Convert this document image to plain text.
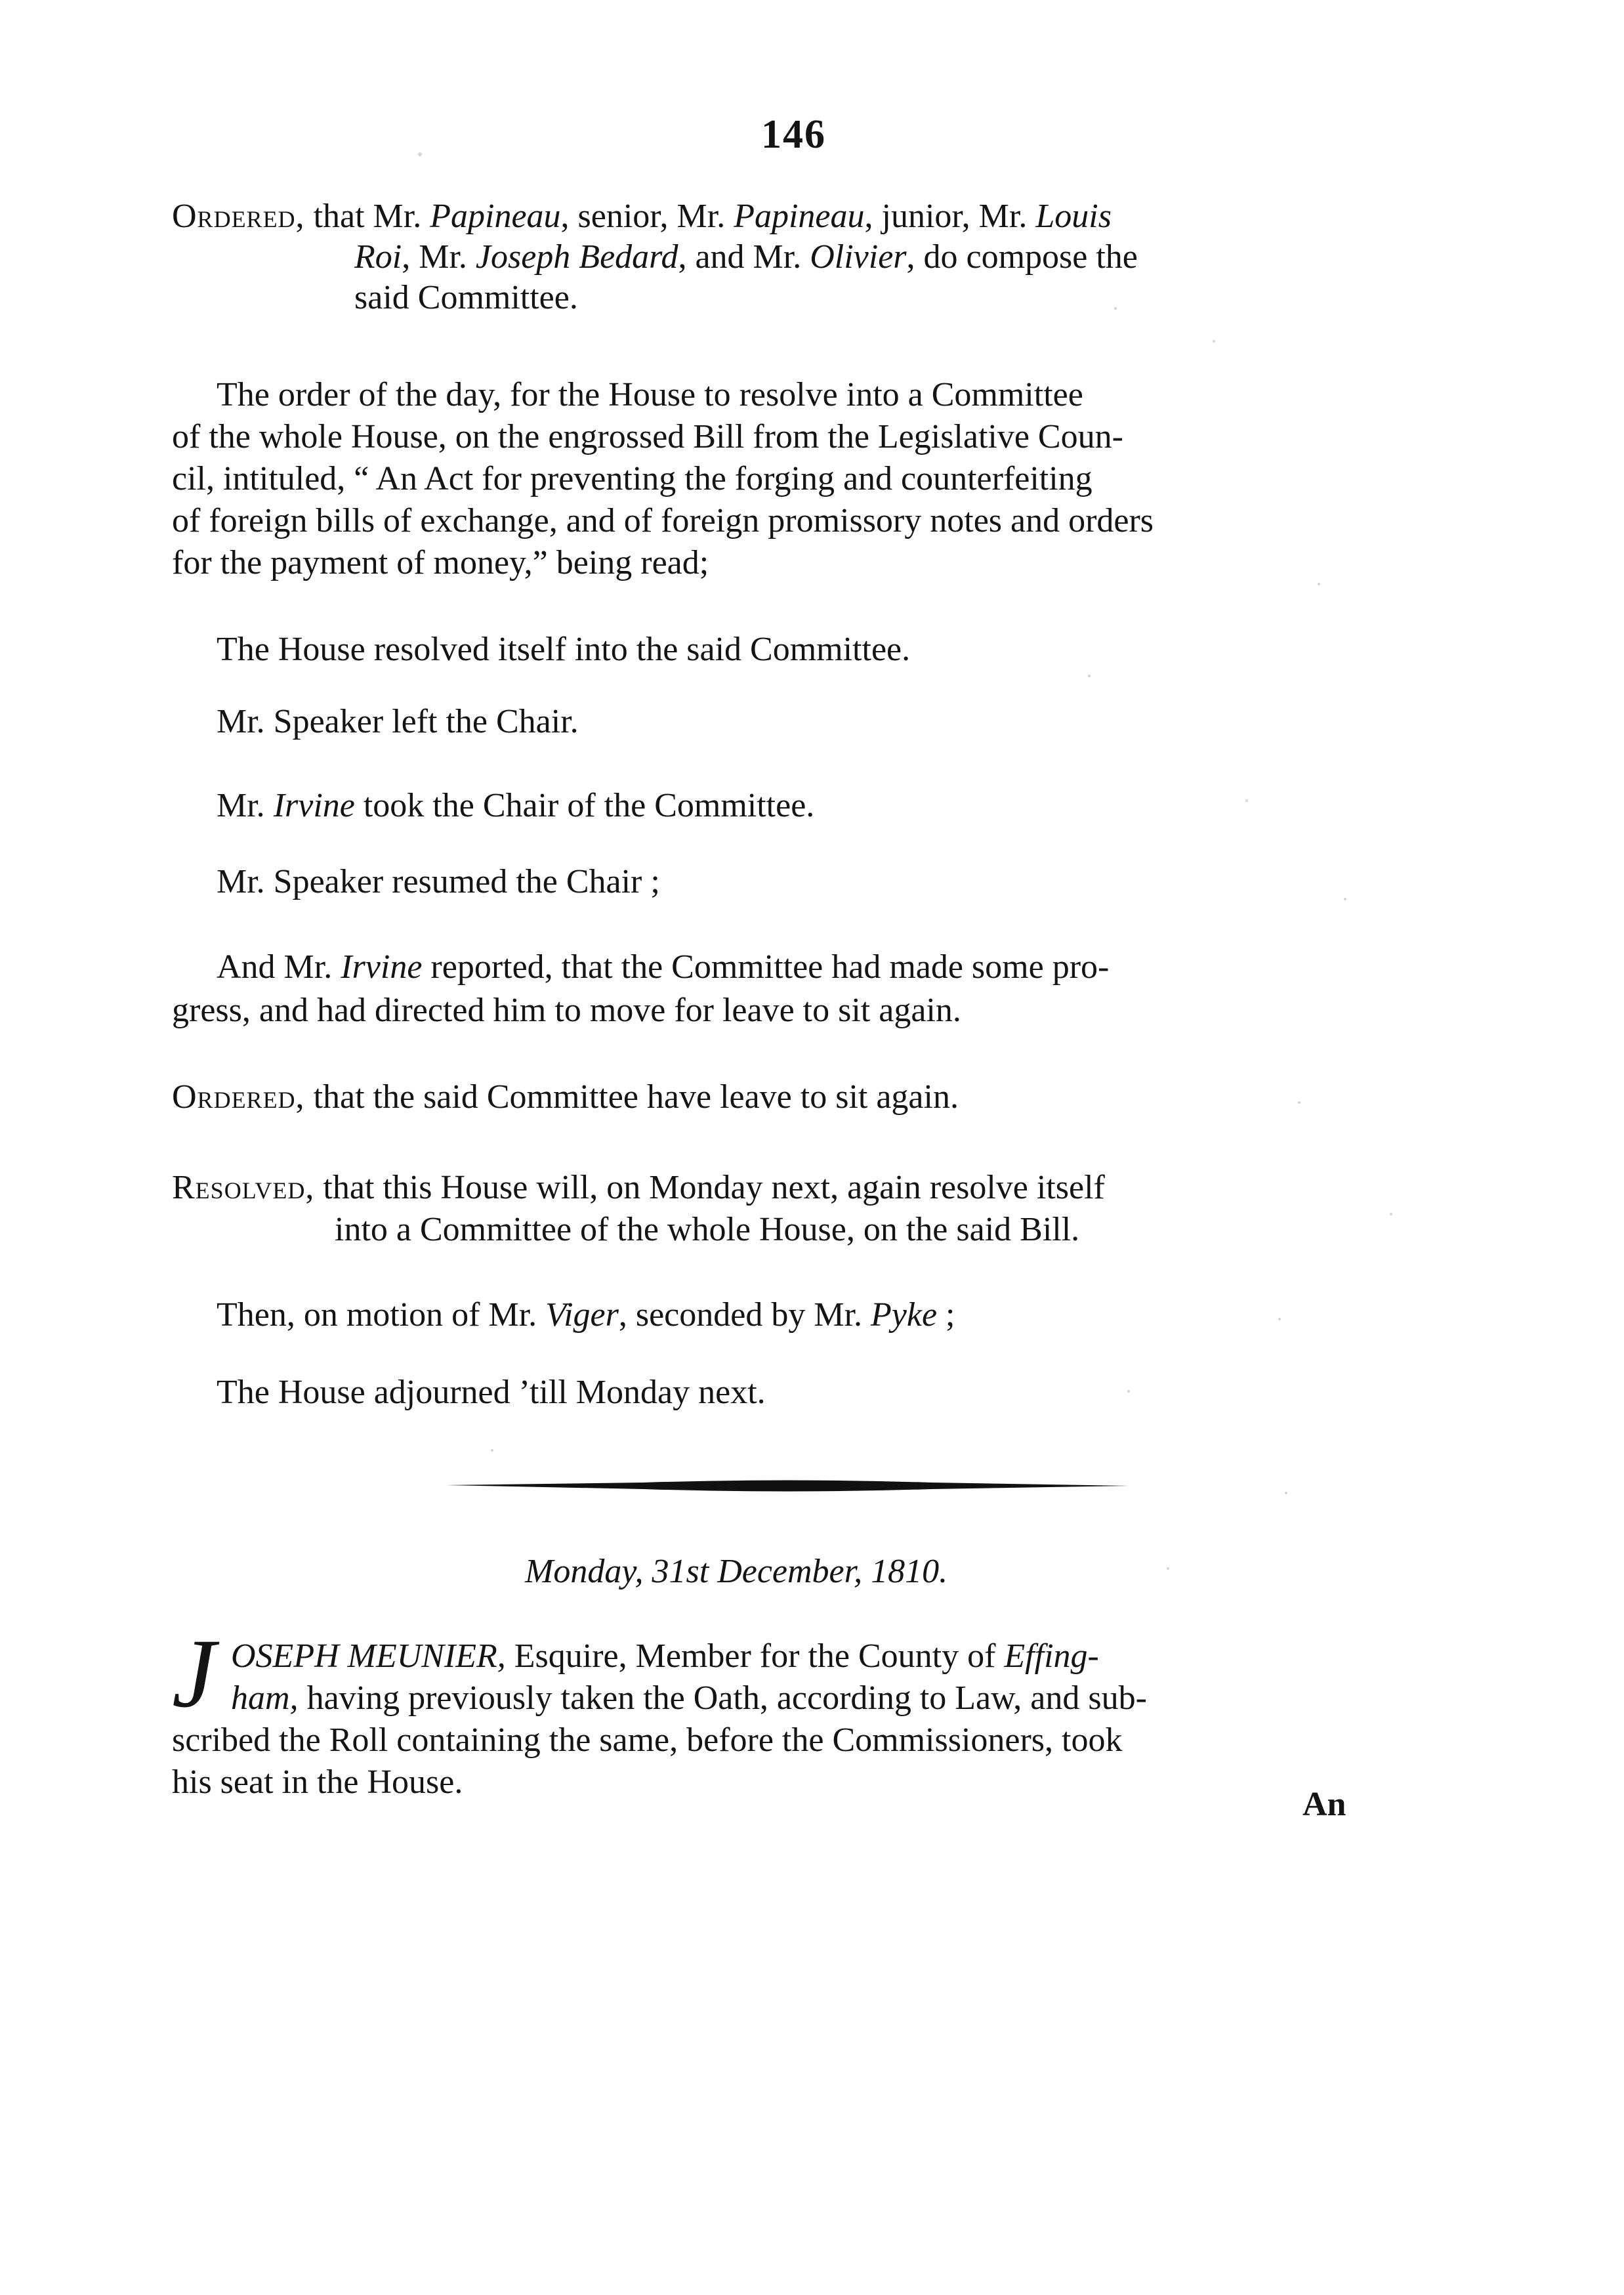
146
Ordered, that Mr. Papineau, senior, Mr. Papineau, junior, Mr. Louis
Roi, Mr. Joseph Bedard, and Mr. Olivier, do compose the
said Committee.
The order of the day, for the House to resolve into a Committee
of the whole House, on the engrossed Bill from the Legislative Coun-
cil, intituled, “ An Act for preventing the forging and counterfeiting
of foreign bills of exchange, and of foreign promissory notes and orders
for the payment of money,” being read;
The House resolved itself into the said Committee.
Mr. Speaker left the Chair.
Mr. Irvine took the Chair of the Committee.
Mr. Speaker resumed the Chair ;
And Mr. Irvine reported, that the Committee had made some pro-
gress, and had directed him to move for leave to sit again.
Ordered, that the said Committee have leave to sit again.
Resolved, that this House will, on Monday next, again resolve itself
into a Committee of the whole House, on the said Bill.
Then, on motion of Mr. Viger, seconded by Mr. Pyke ;
The House adjourned ’till Monday next.
Monday, 31st December, 1810.
J OSEPH MEUNIER, Esquire, Member for the County of Effing-
ham, having previously taken the Oath, according to Law, and sub-
scribed the Roll containing the same, before the Commissioners, took
his seat in the House.
An
